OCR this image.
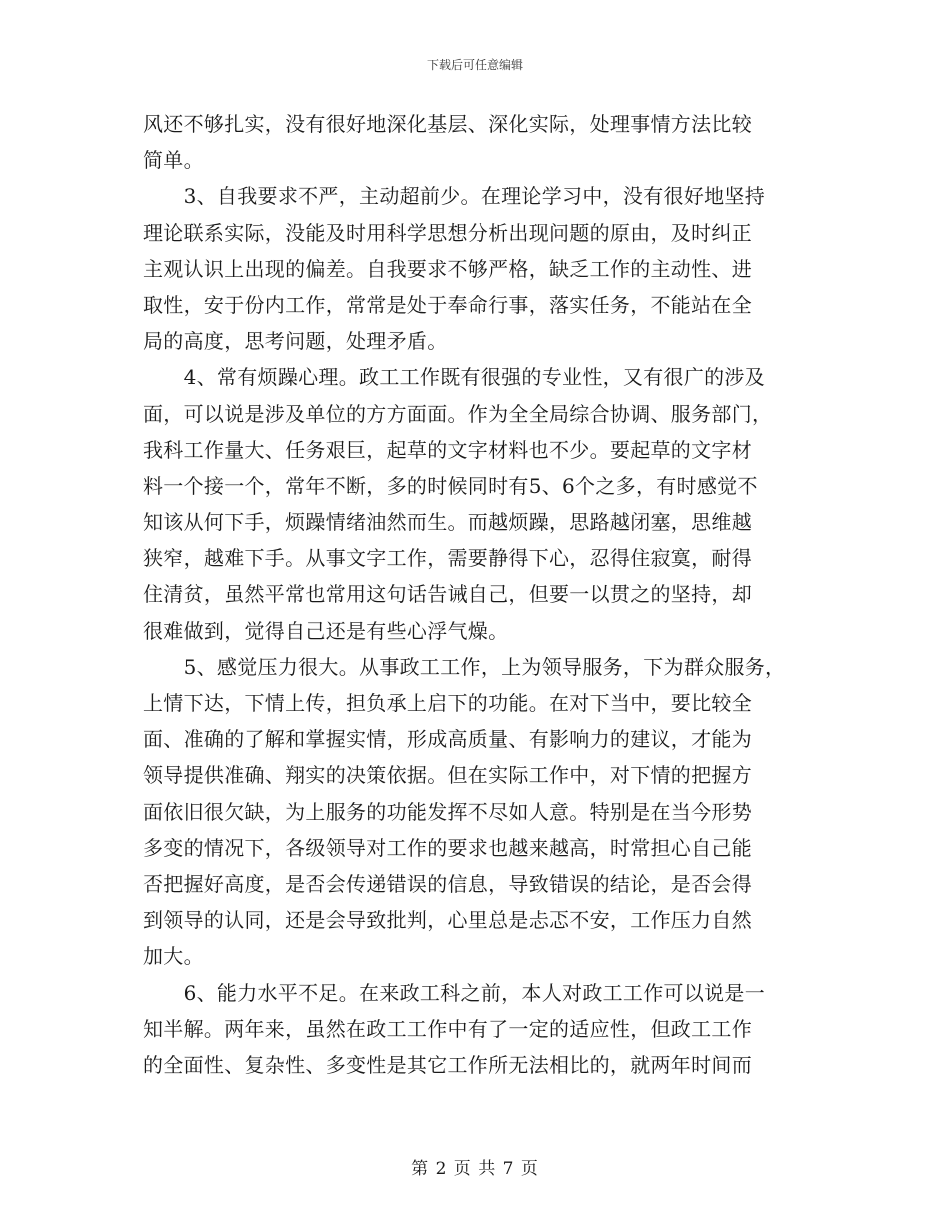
下载后可任意编辑
风还不够扎实，没有很好地深化基层、深化实际，处理事情方法比较
简单。
　　3、自我要求不严，主动超前少。在理论学习中，没有很好地坚持
理论联系实际，没能及时用科学思想分析出现问题的原由，及时纠正
主观认识上出现的偏差。自我要求不够严格，缺乏工作的主动性、进
取性，安于份内工作，常常是处于奉命行事，落实任务，不能站在全
局的高度，思考问题，处理矛盾。
　　4、常有烦躁心理。政工工作既有很强的专业性，又有很广的涉及
面，可以说是涉及单位的方方面面。作为全全局综合协调、服务部门，
我科工作量大、任务艰巨，起草的文字材料也不少。要起草的文字材
料一个接一个，常年不断，多的时候同时有5、6个之多，有时感觉不
知该从何下手，烦躁情绪油然而生。而越烦躁，思路越闭塞，思维越
狭窄，越难下手。从事文字工作，需要静得下心，忍得住寂寞，耐得
住清贫，虽然平常也常用这句话告诫自己，但要一以贯之的坚持，却
很难做到，觉得自己还是有些心浮气燥。
　　5、感觉压力很大。从事政工工作，上为领导服务，下为群众服务，
上情下达，下情上传，担负承上启下的功能。在对下当中，要比较全
面、准确的了解和掌握实情，形成高质量、有影响力的建议，才能为
领导提供准确、翔实的决策依据。但在实际工作中，对下情的把握方
面依旧很欠缺，为上服务的功能发挥不尽如人意。特别是在当今形势
多变的情况下，各级领导对工作的要求也越来越高，时常担心自己能
否把握好高度，是否会传递错误的信息，导致错误的结论，是否会得
到领导的认同，还是会导致批判，心里总是忐忑不安，工作压力自然
加大。
　　6、能力水平不足。在来政工科之前，本人对政工工作可以说是一
知半解。两年来，虽然在政工工作中有了一定的适应性，但政工工作
的全面性、复杂性、多变性是其它工作所无法相比的，就两年时间而
第 2 页 共 7 页
